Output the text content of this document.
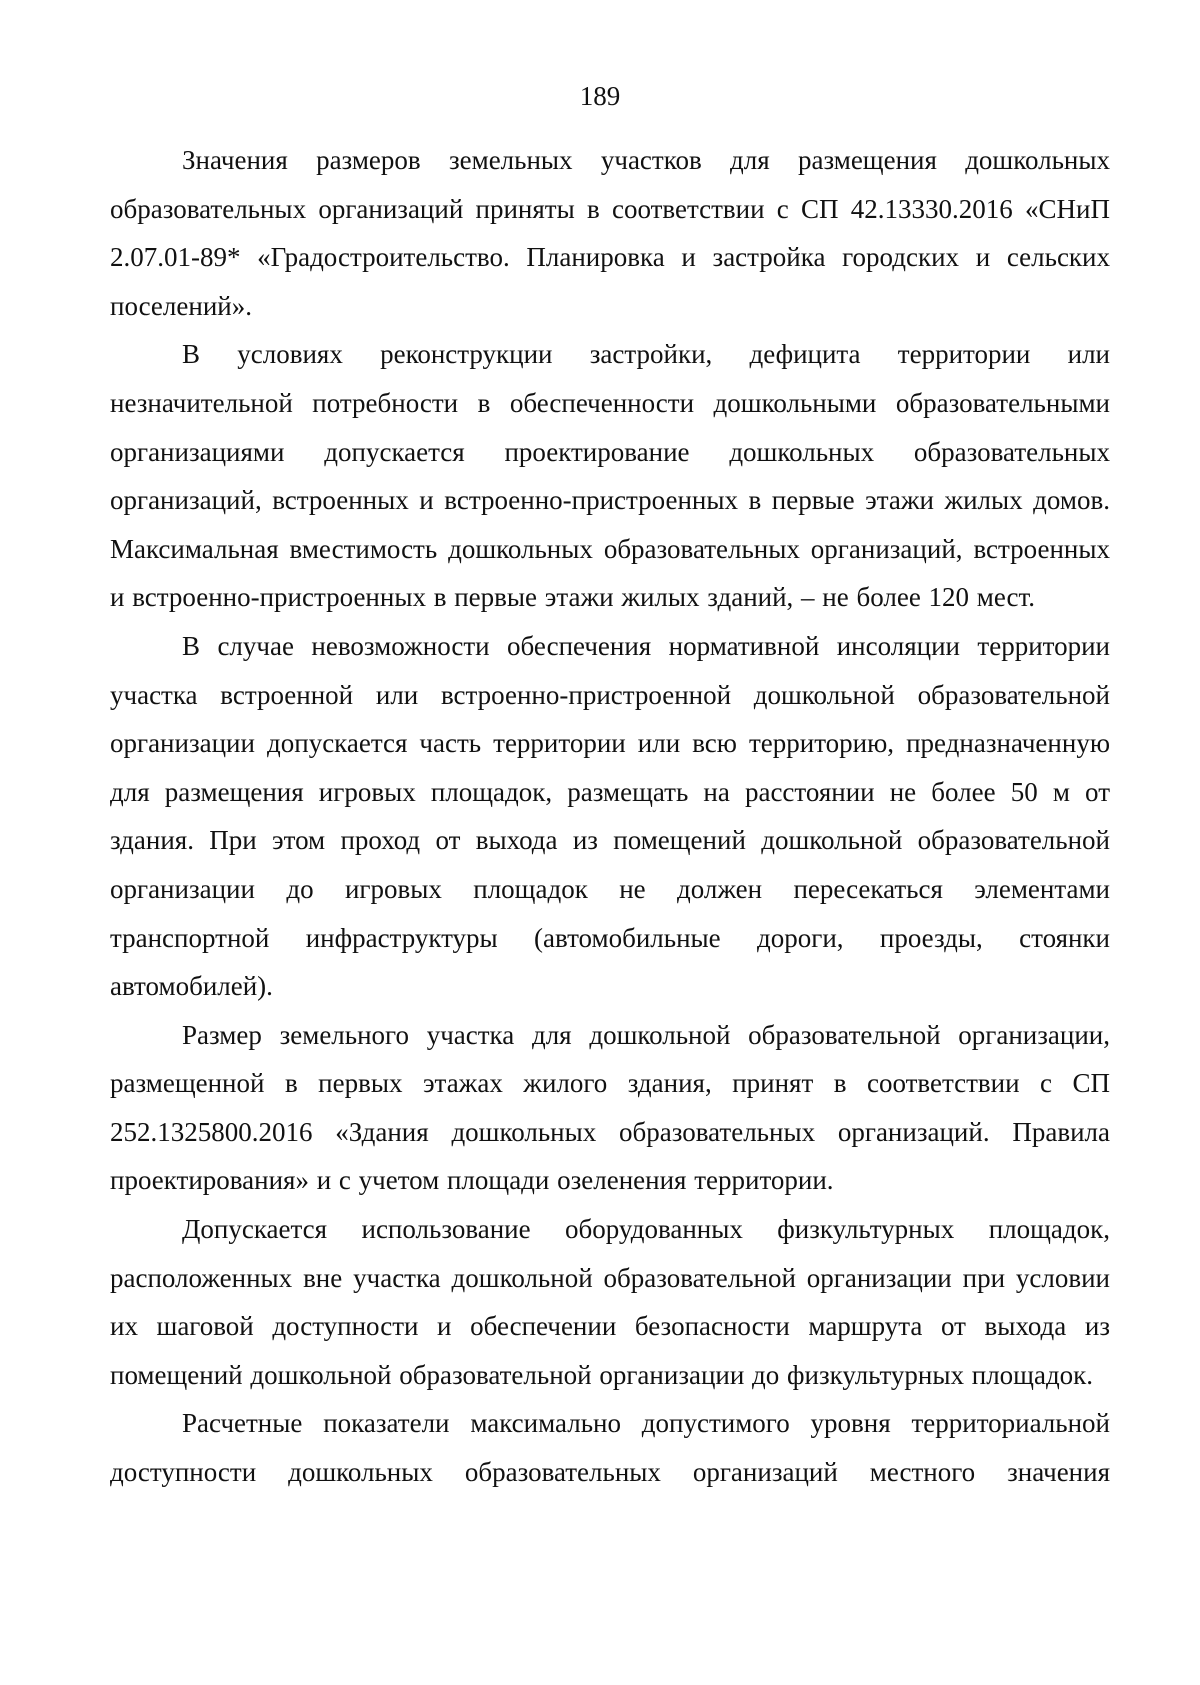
189

Значения размеров земельных участков для размещения дошкольных образовательных организаций приняты в соответствии с СП 42.13330.2016 «СНиП 2.07.01-89* «Градостроительство. Планировка и застройка городских и сельских поселений».

В условиях реконструкции застройки, дефицита территории или незначительной потребности в обеспеченности дошкольными образовательными организациями допускается проектирование дошкольных образовательных организаций, встроенных и встроенно-пристроенных в первые этажи жилых домов. Максимальная вместимость дошкольных образовательных организаций, встроенных и встроенно-пристроенных в первые этажи жилых зданий, – не более 120 мест.

В случае невозможности обеспечения нормативной инсоляции территории участка встроенной или встроенно-пристроенной дошкольной образовательной организации допускается часть территории или всю территорию, предназначенную для размещения игровых площадок, размещать на расстоянии не более 50 м от здания. При этом проход от выхода из помещений дошкольной образовательной организации до игровых площадок не должен пересекаться элементами транспортной инфраструктуры (автомобильные дороги, проезды, стоянки автомобилей).

Размер земельного участка для дошкольной образовательной организации, размещенной в первых этажах жилого здания, принят в соответствии с СП 252.1325800.2016 «Здания дошкольных образовательных организаций. Правила проектирования» и с учетом площади озеленения территории.

Допускается использование оборудованных физкультурных площадок, расположенных вне участка дошкольной образовательной организации при условии их шаговой доступности и обеспечении безопасности маршрута от выхода из помещений дошкольной образовательной организации до физкультурных площадок.

Расчетные показатели максимально допустимого уровня территориальной доступности дошкольных образовательных организаций местного значения
